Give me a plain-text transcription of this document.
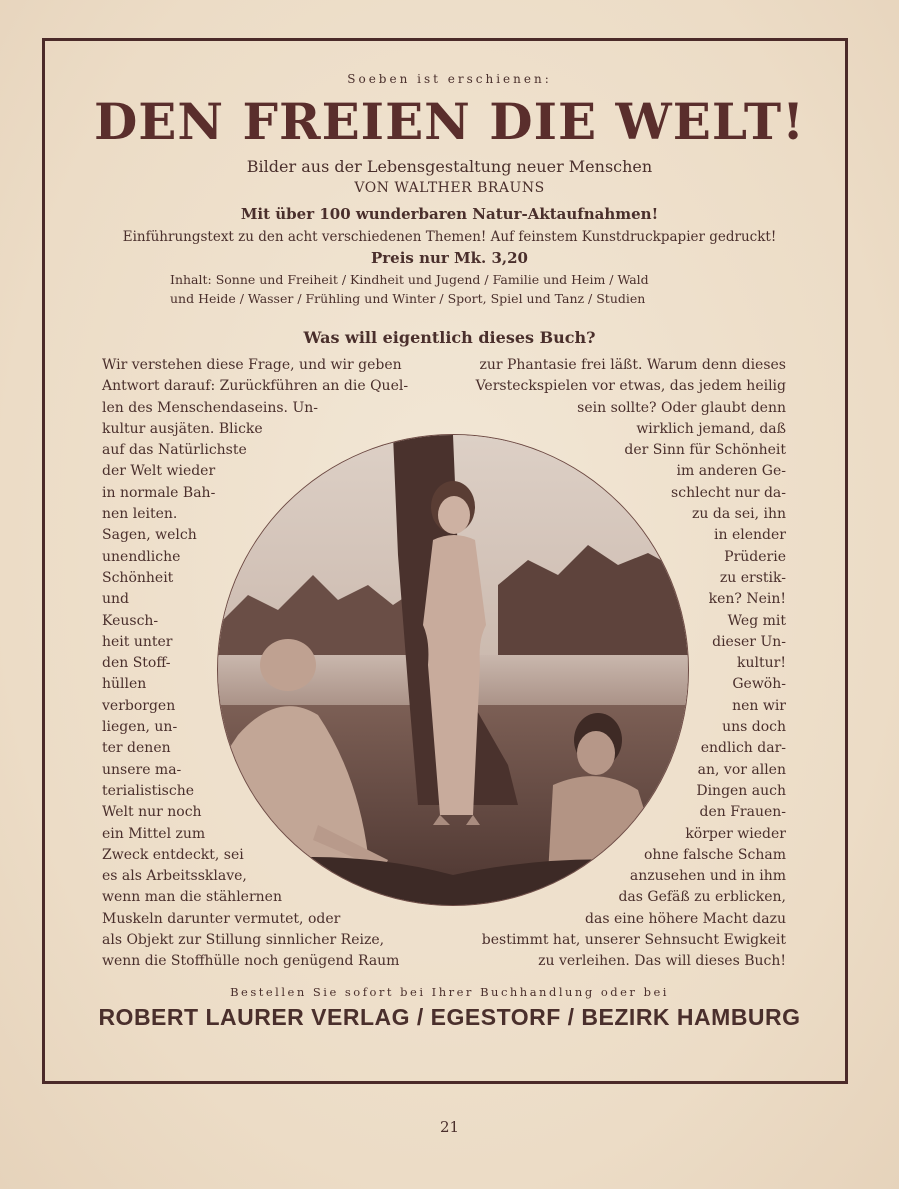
Soeben ist erschienen:
DEN FREIEN DIE WELT!
Bilder aus der Lebensgestaltung neuer Menschen
VON WALTHER BRAUNS
Mit über 100 wunderbaren Natur-Aktaufnahmen!
Einführungstext zu den acht verschiedenen Themen! Auf feinstem Kunstdruckpapier gedruckt!
Preis nur Mk. 3,20
Inhalt: Sonne und Freiheit / Kindheit und Jugend / Familie und Heim / Wald
und Heide / Wasser / Frühling und Winter / Sport, Spiel und Tanz / Studien
Was will eigentlich dieses Buch?
Wir verstehen diese Frage, und wir geben
Antwort darauf: Zurückführen an die Quel-
len des Menschendaseins. Un-
kultur ausjäten. Blicke
auf das Natürlichste
der Welt wieder
in normale Bah-
nen leiten.
Sagen, welch
unendliche
Schönheit
und
Keusch-
heit unter
den Stoff-
hüllen
verborgen
liegen, un-
ter denen
unsere ma-
terialistische
Welt nur noch
ein Mittel zum
Zweck entdeckt, sei
es als Arbeitssklave,
wenn man die stählernen
Muskeln darunter vermutet, oder
als Objekt zur Stillung sinnlicher Reize,
wenn die Stoffhülle noch genügend Raum
zur Phantasie frei läßt. Warum denn dieses
Versteckspielen vor etwas, das jedem heilig
sein sollte? Oder glaubt denn
wirklich jemand, daß
der Sinn für Schönheit
im anderen Ge-
schlecht nur da-
zu da sei, ihn
in elender
Prüderie
zu erstik-
ken? Nein!
Weg mit
dieser Un-
kultur!
Gewöh-
nen wir
uns doch
endlich dar-
an, vor allen
Dingen auch
den Frauen-
körper wieder
ohne falsche Scham
anzusehen und in ihm
das Gefäß zu erblicken,
das eine höhere Macht dazu
bestimmt hat, unserer Sehnsucht Ewigkeit
zu verleihen. Das will dieses Buch!
Bestellen Sie sofort bei Ihrer Buchhandlung oder bei
ROBERT LAURER VERLAG / EGESTORF / BEZIRK HAMBURG
21
